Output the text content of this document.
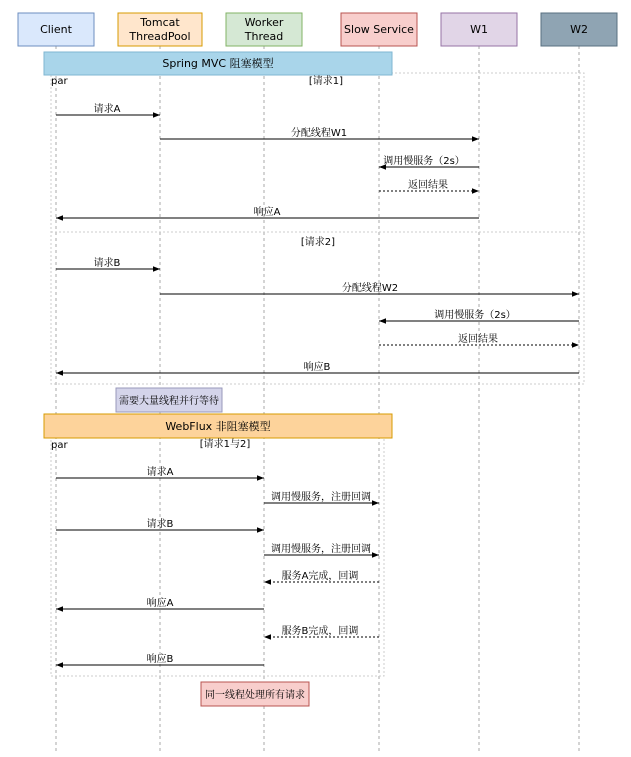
Client
Tomcat
ThreadPool
Worker
Thread
Slow Service	W1	W2
Spring MVC 阻塞模型
par	[请求1]
[请求2]
请求A
分配线程W1
调用慢服务（2s）
返回结果
响应A
请求B
分配线程W2
调用慢服务（2s）
返回结果
响应B
需要大量线程并行等待
WebFlux 非阻塞模型
par	[请求1与2]
请求A
调用慢服务，注册回调
请求B
调用慢服务，注册回调
服务A完成，回调
响应A
服务B完成，回调
响应B
同一线程处理所有请求
